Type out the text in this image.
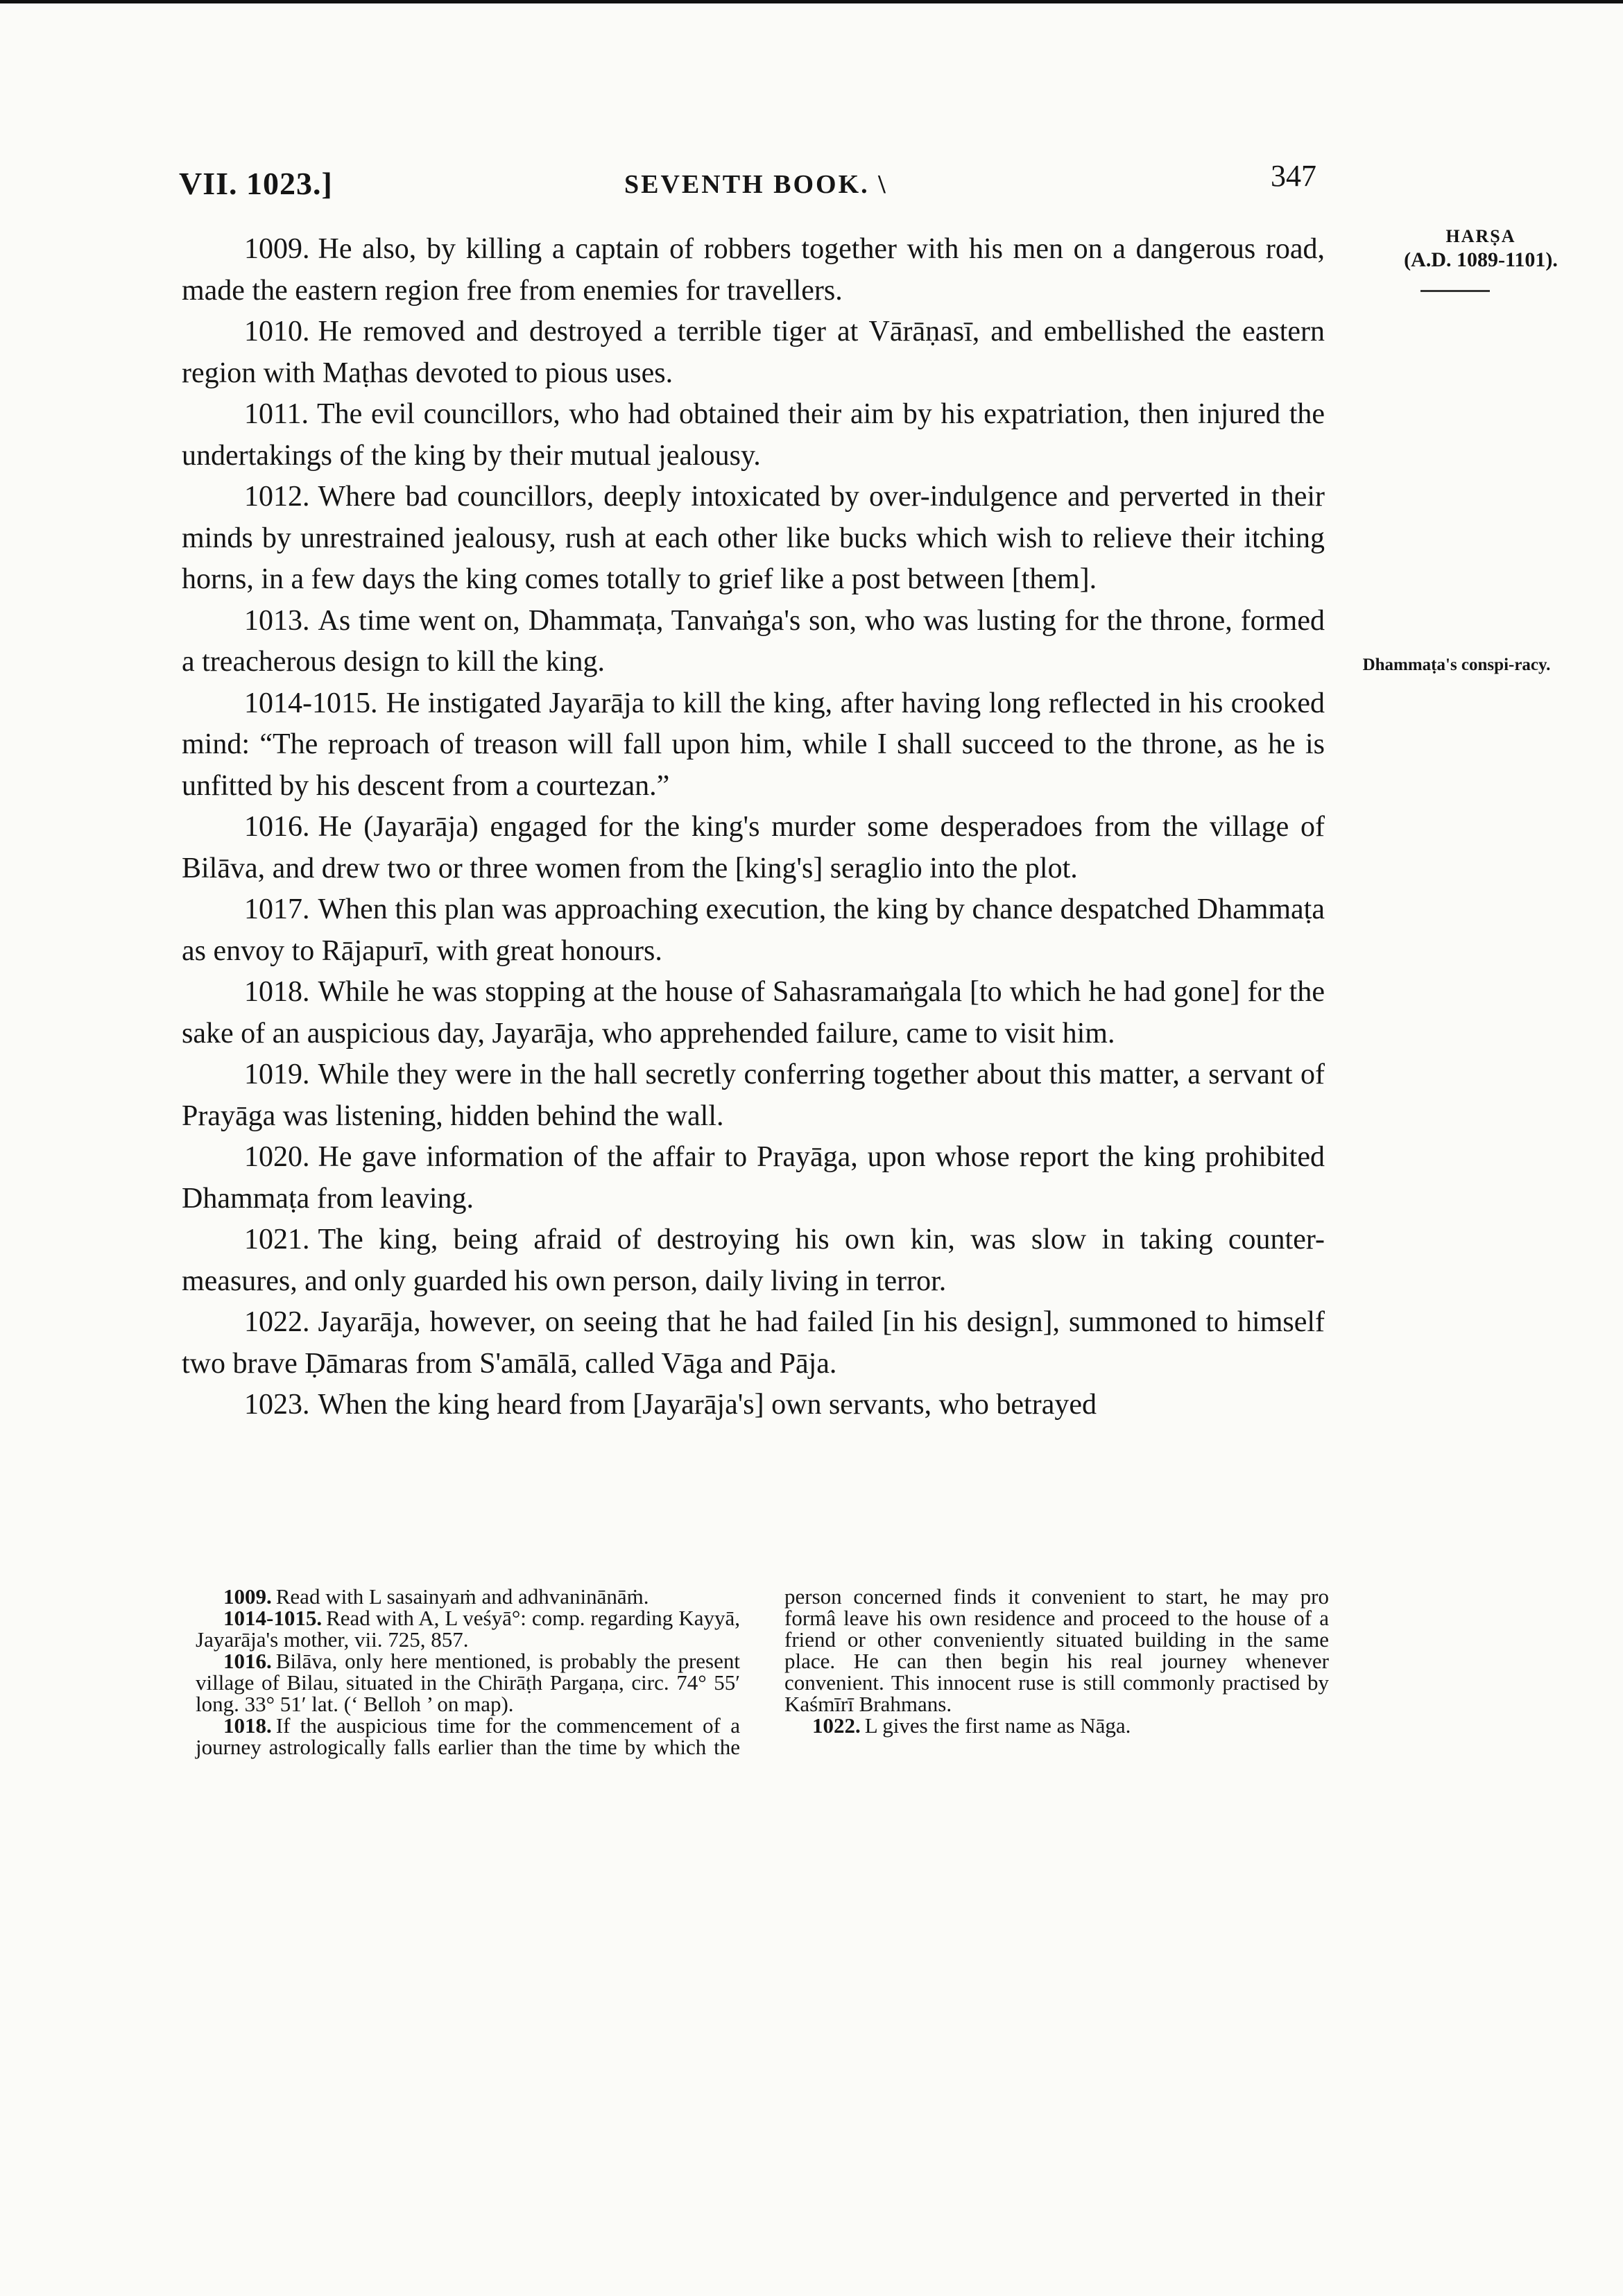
VII. 1023.]	SEVENTH BOOK. \	347
HARṢA
(A.D. 1089-1101).
Dhammaṭa's conspi-racy.

1009. He also, by killing a captain of robbers together with his men on a dangerous road, made the eastern region free from enemies for travellers.

1010. He removed and destroyed a terrible tiger at Vārāṇasī, and embellished the eastern region with Maṭhas devoted to pious uses.

1011. The evil councillors, who had obtained their aim by his expatriation, then injured the undertakings of the king by their mutual jealousy.

1012. Where bad councillors, deeply intoxicated by over-indulgence and perverted in their minds by unrestrained jealousy, rush at each other like bucks which wish to relieve their itching horns, in a few days the king comes totally to grief like a post between [them].

1013. As time went on, Dhammaṭa, Tanvaṅga's son, who was lusting for the throne, formed a treacherous design to kill the king.

1014-1015. He instigated Jayarāja to kill the king, after having long reflected in his crooked mind: “The reproach of treason will fall upon him, while I shall succeed to the throne, as he is unfitted by his descent from a courtezan.”

1016. He (Jayarāja) engaged for the king's murder some desperadoes from the village of Bilāva, and drew two or three women from the [king's] seraglio into the plot.

1017. When this plan was approaching execution, the king by chance despatched Dhammaṭa as envoy to Rājapurī, with great honours.

1018. While he was stopping at the house of Sahasramaṅgala [to which he had gone] for the sake of an auspicious day, Jayarāja, who apprehended failure, came to visit him.

1019. While they were in the hall secretly conferring together about this matter, a servant of Prayāga was listening, hidden behind the wall.

1020. He gave information of the affair to Prayāga, upon whose report the king prohibited Dhammaṭa from leaving.

1021. The king, being afraid of destroying his own kin, was slow in taking counter-measures, and only guarded his own person, daily living in terror.

1022. Jayarāja, however, on seeing that he had failed [in his design], summoned to himself two brave Ḍāmaras from S'amālā, called Vāga and Pāja.

1023. When the king heard from [Jayarāja's] own servants, who betrayed

1009. Read with L sasainyaṁ and adhvaninānāṁ.

1014-1015. Read with A, L veśyā°: comp. regarding Kayyā, Jayarāja's mother, vii. 725, 857.

1016. Bilāva, only here mentioned, is probably the present village of Bilau, situated in the Chirāṭh Pargaṇa, circ. 74° 55′ long. 33° 51′ lat. (‘ Belloh ’ on map).

1018. If the auspicious time for the commencement of a journey astrologically falls earlier than the time by which the person concerned finds it convenient to start, he may pro formâ leave his own residence and proceed to the house of a friend or other conveniently situated building in the same place. He can then begin his real journey whenever convenient. This innocent ruse is still commonly practised by Kaśmīrī Brahmans.

1022. L gives the first name as Nāga.
